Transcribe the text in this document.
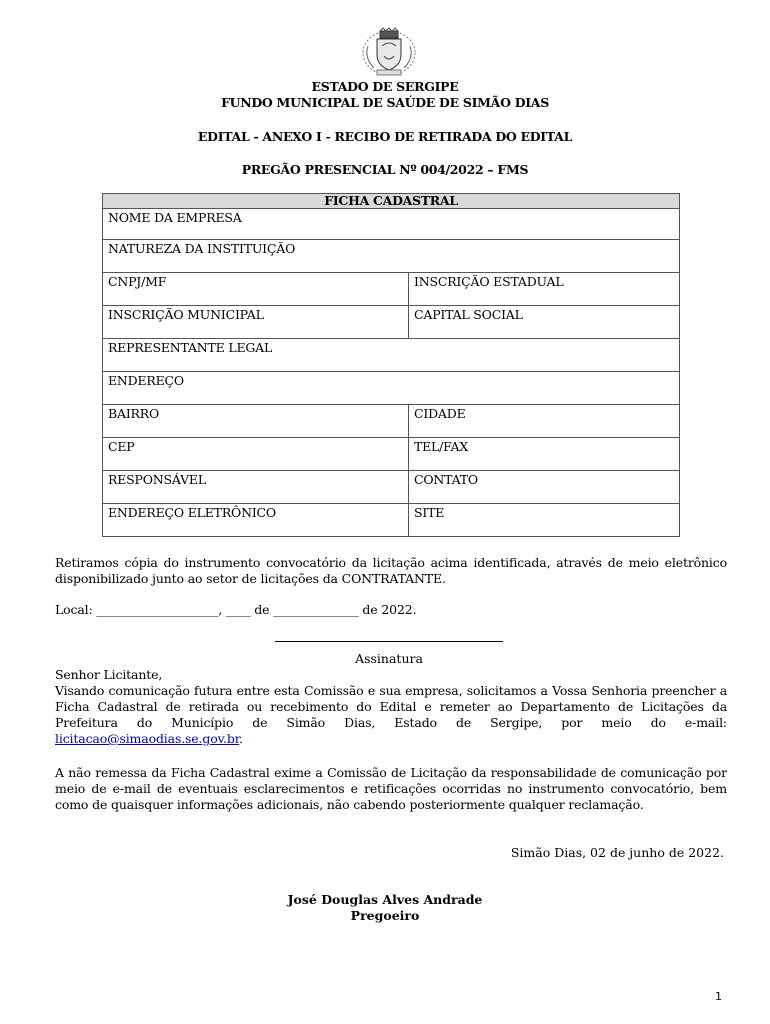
ESTADO DE SERGIPE
FUNDO MUNICIPAL DE SAÚDE DE SIMÃO DIAS
EDITAL - ANEXO I - RECIBO DE RETIRADA DO EDITAL
PREGÃO PRESENCIAL Nº 004/2022 – FMS
FICHA CADASTRAL	
NOME DA EMPRESA	
NATUREZA DA INSTITUIÇÃO	
CNPJ/MF	INSCRIÇÃO ESTADUAL
INSCRIÇÃO MUNICIPAL	CAPITAL SOCIAL
REPRESENTANTE LEGAL	
ENDEREÇO	
BAIRRO	CIDADE
CEP	TEL/FAX
RESPONSÁVEL	CONTATO
ENDEREÇO ELETRÔNICO	SITE
Retiramos cópia do instrumento convocatório da licitação acima identificada, através de meio eletrônico disponibilizado junto ao setor de licitações da CONTRATANTE.
Local: ____________________, ____ de ______________ de 2022.
Assinatura
Senhor Licitante,
Visando comunicação futura entre esta Comissão e sua empresa, solicitamos a Vossa Senhoria preencher a Ficha Cadastral de retirada ou recebimento do Edital e remeter ao Departamento de Licitações da Prefeitura do Município de Simão Dias, Estado de Sergipe, por meio do e-mail: licitacao@simaodias.se.gov.br.
A não remessa da Ficha Cadastral exime a Comissão de Licitação da responsabilidade de comunicação por meio de e-mail de eventuais esclarecimentos e retificações ocorridas no instrumento convocatório, bem como de quaisquer informações adicionais, não cabendo posteriormente qualquer reclamação.
Simão Dias, 02 de junho de 2022.
José Douglas Alves Andrade
Pregoeiro
1
